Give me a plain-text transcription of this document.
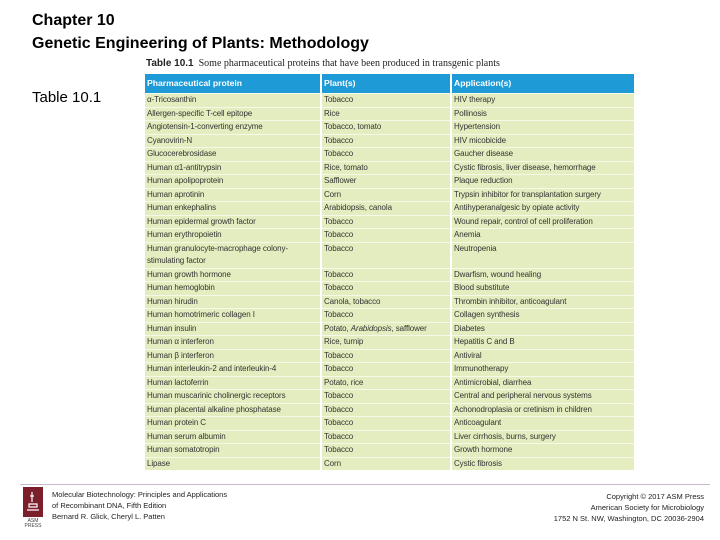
Chapter 10
Genetic Engineering of Plants: Methodology
Table 10.1
Table 10.1 Some pharmaceutical proteins that have been produced in transgenic plants
Pharmaceutical protein	Plant(s)	Application(s)
α-Tricosanthin	Tobacco	HIV therapy
Allergen-specific T-cell epitope	Rice	Pollinosis
Angiotensin-1-converting enzyme	Tobacco, tomato	Hypertension
Cyanovirin-N	Tobacco	HIV micobicide
Glucocerebrosidase	Tobacco	Gaucher disease
Human α1-antitrypsin	Rice, tomato	Cystic fibrosis, liver disease, hemorrhage
Human apolipoprotein	Safflower	Plaque reduction
Human aprotinin	Corn	Trypsin inhibitor for transplantation surgery
Human enkephalins	Arabidopsis, canola	Antihyperanalgesic by opiate activity
Human epidermal growth factor	Tobacco	Wound repair, control of cell proliferation
Human erythropoietin	Tobacco	Anemia
Human granulocyte-macrophage colony-stimulating factor	Tobacco	Neutropenia
Human growth hormone	Tobacco	Dwarfism, wound healing
Human hemoglobin	Tobacco	Blood substitute
Human hirudin	Canola, tobacco	Thrombin inhibitor, anticoagulant
Human homotrimeric collagen I	Tobacco	Collagen synthesis
Human insulin	Potato, Arabidopsis, safflower	Diabetes
Human α interferon	Rice, turnip	Hepatitis C and B
Human β interferon	Tobacco	Antiviral
Human interleukin-2 and interleukin-4	Tobacco	Immunotherapy
Human lactoferrin	Potato, rice	Antimicrobial, diarrhea
Human muscarinic cholinergic receptors	Tobacco	Central and peripheral nervous systems
Human placental alkaline phosphatase	Tobacco	Achonodroplasia or cretinism in children
Human protein C	Tobacco	Anticoagulant
Human serum albumin	Tobacco	Liver cirrhosis, burns, surgery
Human somatotropin	Tobacco	Growth hormone
Lipase	Corn	Cystic fibrosis
ASM PRESS
Molecular Biotechnology: Principles and Applications
of Recombinant DNA, Fifth Edition
Bernard R. Glick, Cheryl L. Patten
Copyright © 2017 ASM Press
American Society for Microbiology
1752 N St. NW, Washington, DC 20036-2904
